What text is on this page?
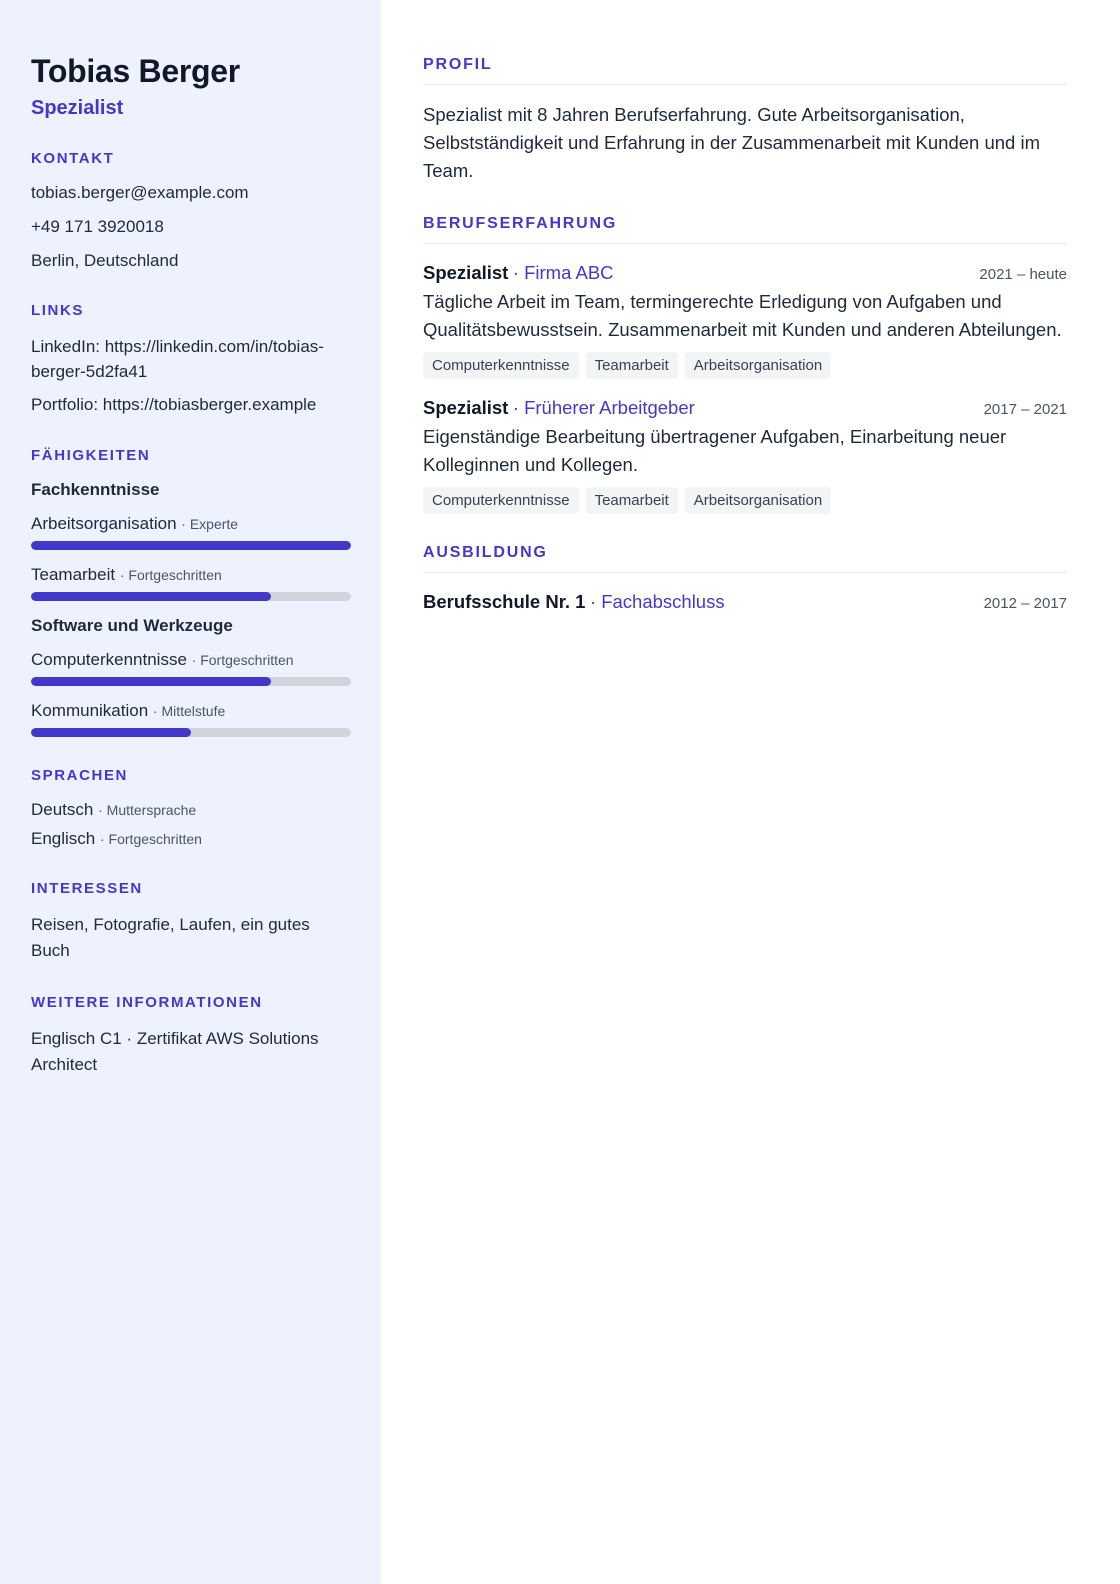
Tobias Berger
Spezialist
KONTAKT
tobias.berger@example.com
+49 171 3920018
Berlin, Deutschland
LINKS
LinkedIn: https://linkedin.com/in/tobias-berger-5d2fa41
Portfolio: https://tobiasberger.example
FÄHIGKEITEN
Fachkenntnisse
Arbeitsorganisation · Experte
Teamarbeit · Fortgeschritten
Software und Werkzeuge
Computerkenntnisse · Fortgeschritten
Kommunikation · Mittelstufe
SPRACHEN
Deutsch · Muttersprache
Englisch · Fortgeschritten
INTERESSEN
Reisen, Fotografie, Laufen, ein gutes Buch
WEITERE INFORMATIONEN
Englisch C1 · Zertifikat AWS Solutions Architect
PROFIL
Spezialist mit 8 Jahren Berufserfahrung. Gute Arbeitsorganisation, Selbstständigkeit und Erfahrung in der Zusammenarbeit mit Kunden und im Team.
BERUFSERFAHRUNG
Spezialist · Firma ABC	2021 – heute
Tägliche Arbeit im Team, termingerechte Erledigung von Aufgaben und Qualitätsbewusstsein. Zusammenarbeit mit Kunden und anderen Abteilungen.
Computerkenntnisse	Teamarbeit	Arbeitsorganisation
Spezialist · Früherer Arbeitgeber	2017 – 2021
Eigenständige Bearbeitung übertragener Aufgaben, Einarbeitung neuer Kolleginnen und Kollegen.
Computerkenntnisse	Teamarbeit	Arbeitsorganisation
AUSBILDUNG
Berufsschule Nr. 1 · Fachabschluss	2012 – 2017
